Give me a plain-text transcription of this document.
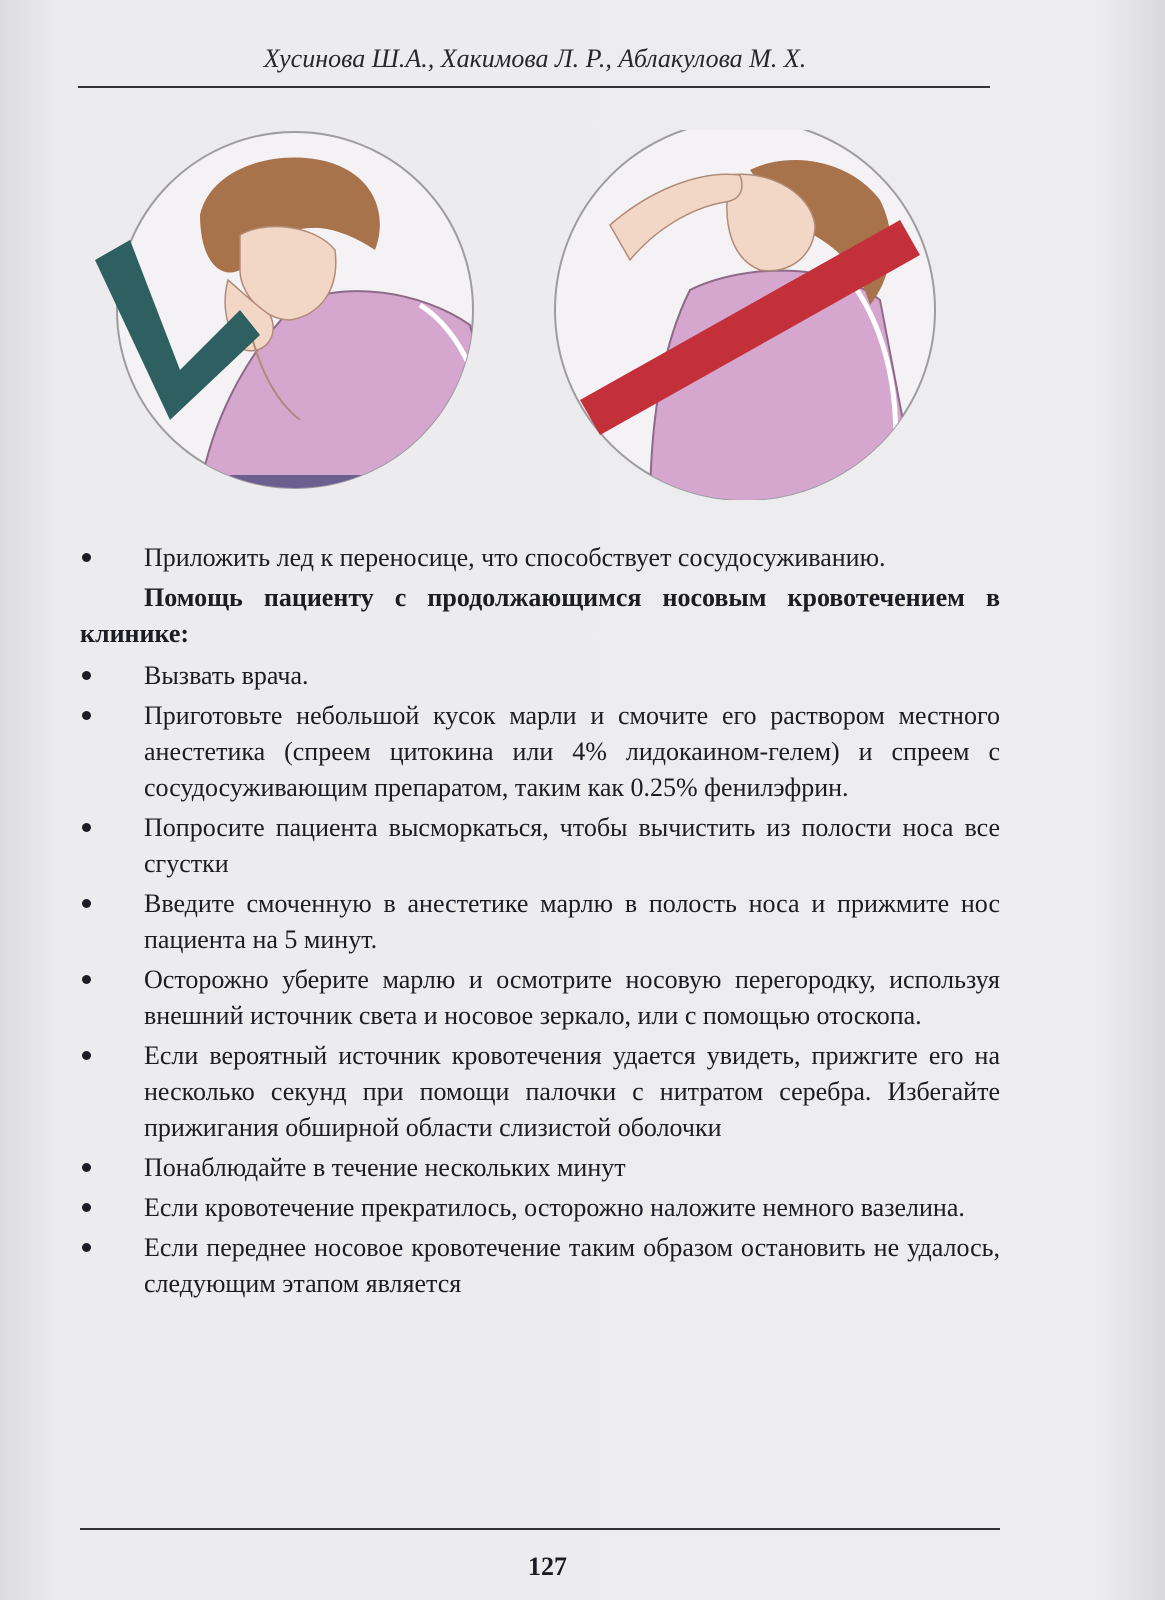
Хусинова Ш.А., Хакимова Л. Р., Аблакулова М. Х.
Приложить лед к переносице, что способствует сосудосуживанию.
Помощь пациенту с продолжающимся носовым кровотечением в клинике:
Вызвать врача.
Приготовьте небольшой кусок марли и смочите его раствором местного анестетика (спреем цитокина или 4% лидокаином-гелем) и спреем с сосудосуживающим препаратом, таким как 0.25% фенилэфрин.
Попросите пациента высморкаться, чтобы вычистить из полости носа все сгустки
Введите смоченную в анестетике марлю в полость носа и прижмите нос пациента на 5 минут.
Осторожно уберите марлю и осмотрите носовую перегородку, используя внешний источник света и носовое зеркало, или с помощью отоскопа.
Если вероятный источник кровотечения удается увидеть, прижгите его на несколько секунд при помощи палочки с нитратом серебра. Избегайте прижигания обширной области слизистой оболочки
Понаблюдайте в течение нескольких минут
Если кровотечение прекратилось, осторожно наложите немного вазелина.
Если переднее носовое кровотечение таким образом остановить не удалось, следующим этапом является
127
